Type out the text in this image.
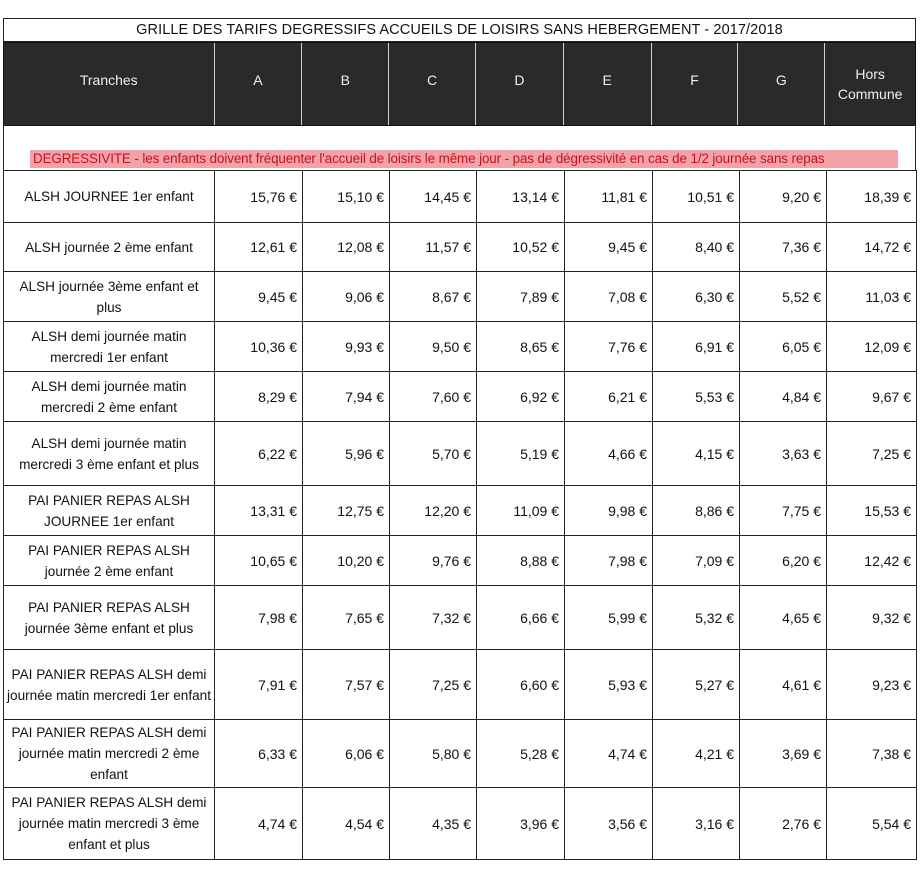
GRILLE DES TARIFS DEGRESSIFS ACCUEILS DE LOISIRS SANS HEBERGEMENT - 2017/2018
Tranches	A	B	C	D	E	F	G	Hors Commune
DEGRESSIVITE - les enfants doivent fréquenter l'accueil de loisirs le même jour - pas de dégressivité en cas de 1/2 journée sans repas
ALSH JOURNEE 1er enfant	15,76 €	15,10 €	14,45 €	13,14 €	11,81 €	10,51 €	9,20 €	18,39 €
ALSH journée 2 ème enfant	12,61 €	12,08 €	11,57 €	10,52 €	9,45 €	8,40 €	7,36 €	14,72 €
ALSH journée 3ème enfant et plus	9,45 €	9,06 €	8,67 €	7,89 €	7,08 €	6,30 €	5,52 €	11,03 €
ALSH demi journée matin mercredi 1er enfant	10,36 €	9,93 €	9,50 €	8,65 €	7,76 €	6,91 €	6,05 €	12,09 €
ALSH demi journée matin mercredi 2 ème enfant	8,29 €	7,94 €	7,60 €	6,92 €	6,21 €	5,53 €	4,84 €	9,67 €
ALSH demi journée matin mercredi 3 ème enfant et plus	6,22 €	5,96 €	5,70 €	5,19 €	4,66 €	4,15 €	3,63 €	7,25 €
PAI PANIER REPAS ALSH JOURNEE 1er enfant	13,31 €	12,75 €	12,20 €	11,09 €	9,98 €	8,86 €	7,75 €	15,53 €
PAI PANIER REPAS ALSH journée 2 ème enfant	10,65 €	10,20 €	9,76 €	8,88 €	7,98 €	7,09 €	6,20 €	12,42 €
PAI PANIER REPAS ALSH journée 3ème enfant et plus	7,98 €	7,65 €	7,32 €	6,66 €	5,99 €	5,32 €	4,65 €	9,32 €
PAI PANIER REPAS ALSH demi journée matin mercredi 1er enfant	7,91 €	7,57 €	7,25 €	6,60 €	5,93 €	5,27 €	4,61 €	9,23 €
PAI PANIER REPAS ALSH demi journée matin mercredi 2 ème enfant	6,33 €	6,06 €	5,80 €	5,28 €	4,74 €	4,21 €	3,69 €	7,38 €
PAI PANIER REPAS ALSH demi journée matin mercredi 3 ème enfant et plus	4,74 €	4,54 €	4,35 €	3,96 €	3,56 €	3,16 €	2,76 €	5,54 €
